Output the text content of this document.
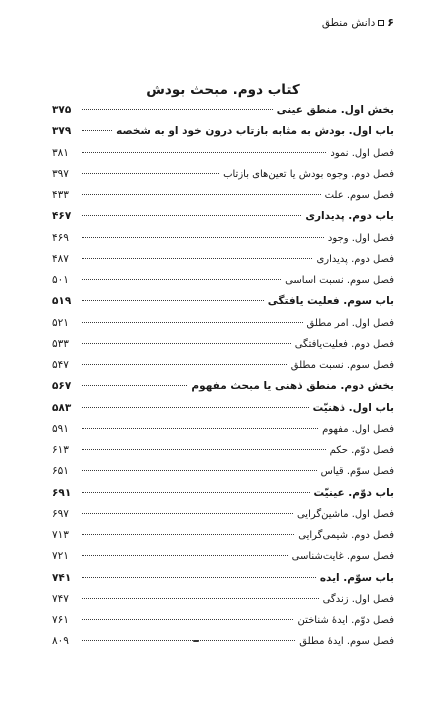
۶
دانش منطق
کتاب دوم. مبحث بودش
۳۷۵	بخش اول. منطق عینی
۳۷۹	باب اول. بودش به مثابه بازتاب درون خود او به شخصه
۳۸۱	فصل اول. نمود
۳۹۷	فصل دوم. وجوه بودش یا تعین‌های بازتاب
۴۳۳	فصل سوم. علت
۴۶۷	باب دوم. پدیداری
۴۶۹	فصل اول. وجود
۴۸۷	فصل دوم. پدیداری
۵۰۱	فصل سوم. نسبت اساسی
۵۱۹	باب سوم. فعلیت یافتگی
۵۲۱	فصل اول. امر مطلق
۵۳۳	فصل دوم. فعلیت‌یافتگی
۵۴۷	فصل سوم. نسبت مطلق
۵۶۷	بخش دوم. منطق ذهنی یا مبحث مفهوم
۵۸۳	باب اول. ذهنیّت
۵۹۱	فصل اول. مفهوم
۶۱۳	فصل دوّم. حکم
۶۵۱	فصل سوّم. قیاس
۶۹۱	باب دوّم. عینیّت
۶۹۷	فصل اول. ماشین‌گرایی
۷۱۳	فصل دوم. شیمی‌گرایی
۷۲۱	فصل سوم. غایت‌شناسی
۷۴۱	باب سوّم. ایده
۷۴۷	فصل اول. زندگی
۷۶۱	فصل دوّم. ایدهٔ شناختن
۸۰۹	فصل سوم. ایدهٔ مطلق
